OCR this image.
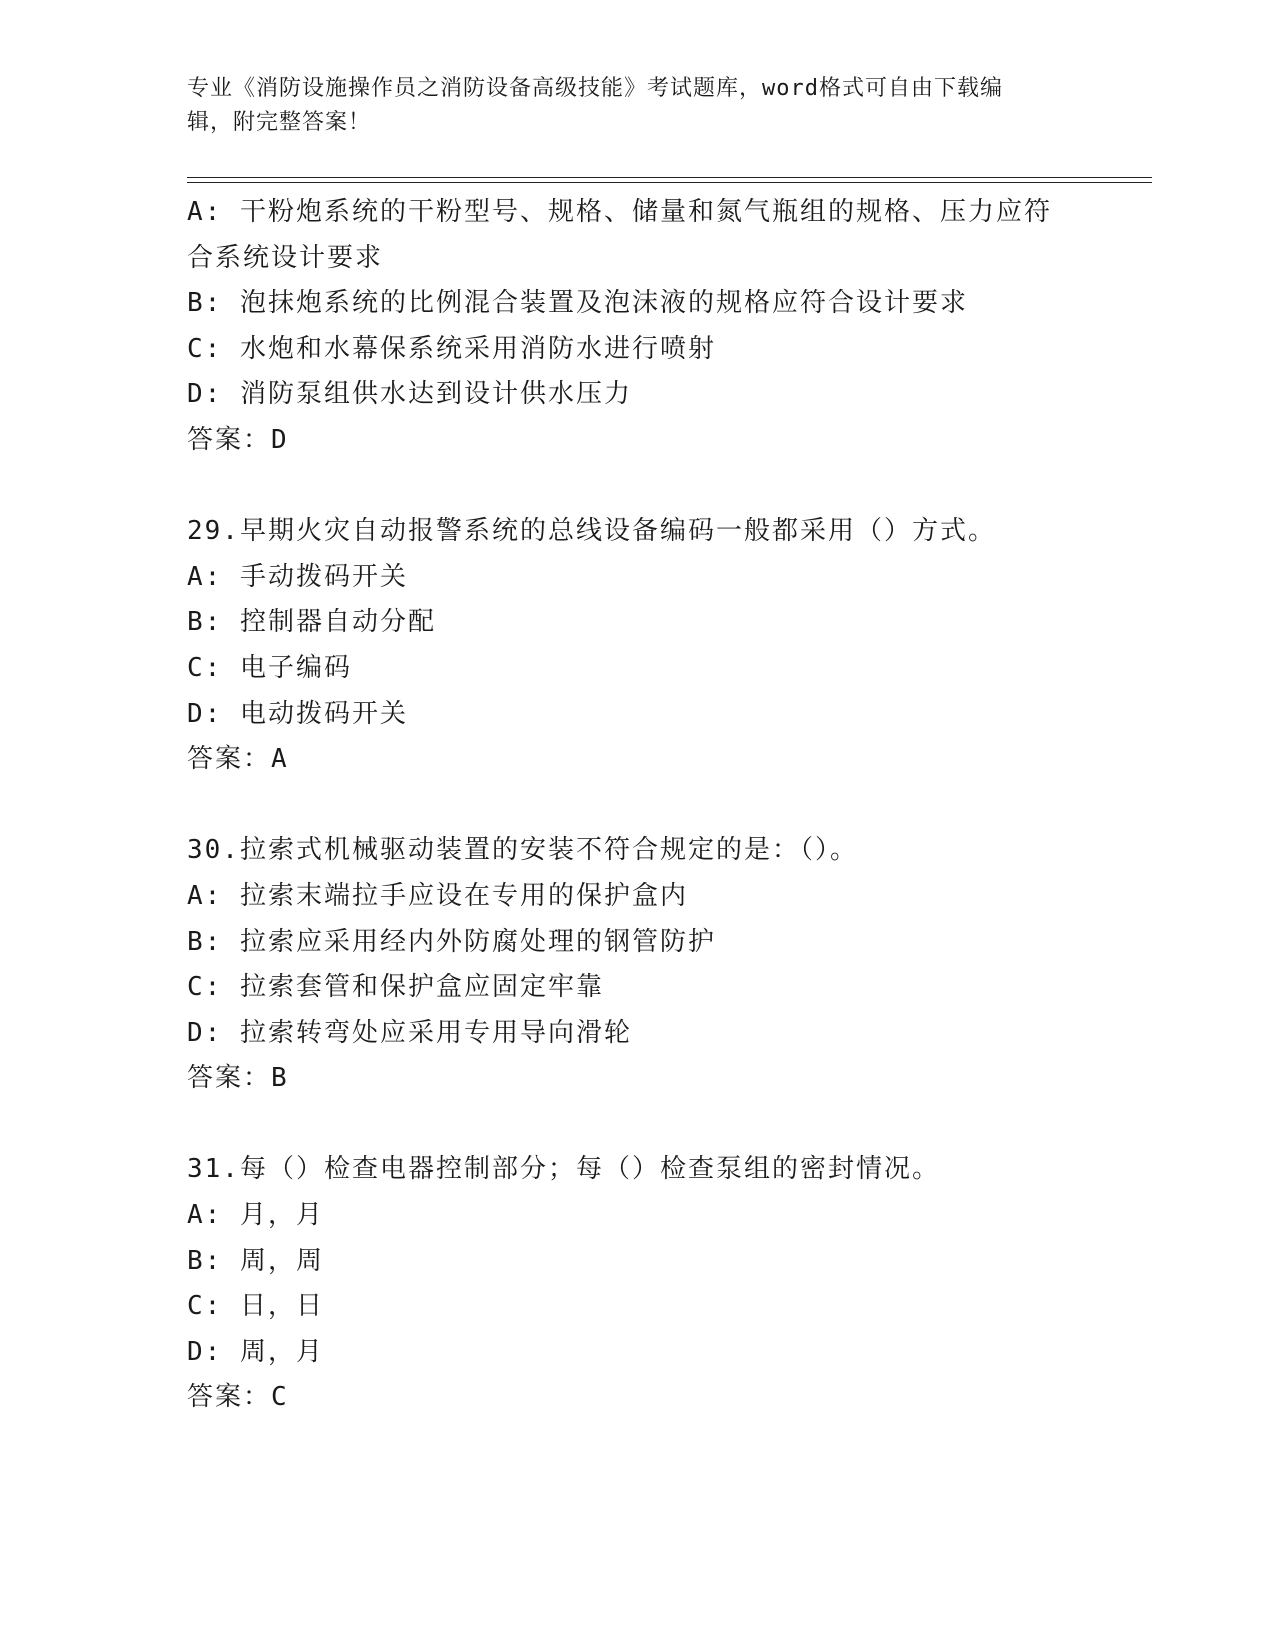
专业《消防设施操作员之消防设备高级技能》考试题库，word格式可自由下载编
辑，附完整答案！
A: 干粉炮系统的干粉型号、规格、储量和氮气瓶组的规格、压力应符
合系统设计要求
B: 泡抹炮系统的比例混合装置及泡沫液的规格应符合设计要求
C: 水炮和水幕保系统采用消防水进行喷射
D: 消防泵组供水达到设计供水压力
答案：D
29.早期火灾自动报警系统的总线设备编码一般都采用（）方式。
A: 手动拨码开关
B: 控制器自动分配
C: 电子编码
D: 电动拨码开关
答案：A
30.拉索式机械驱动装置的安装不符合规定的是：（）。
A: 拉索末端拉手应设在专用的保护盒内
B: 拉索应采用经内外防腐处理的钢管防护
C: 拉索套管和保护盒应固定牢靠
D: 拉索转弯处应采用专用导向滑轮
答案：B
31.每（）检查电器控制部分；每（）检查泵组的密封情况。
A: 月，月
B: 周，周
C: 日，日
D: 周，月
答案：C
